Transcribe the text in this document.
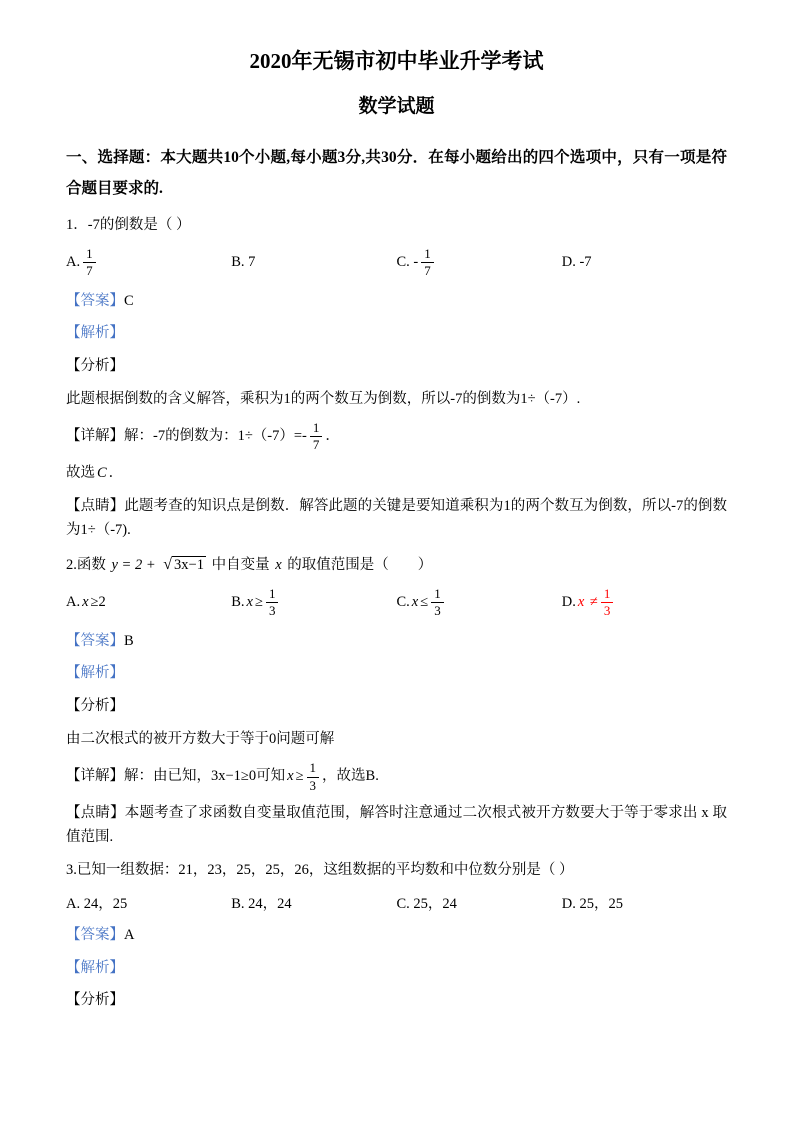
2020年无锡市初中毕业升学考试
数学试题

一、选择题：本大题共10个小题,每小题3分,共30分．在每小题给出的四个选项中，只有一项是符合题目要求的.

1．-7的倒数是（ ）

A. $\frac{1}{7}$	B. 7	C. - $\frac{1}{7}$	D. -7

【答案】C

【解析】

【分析】

此题根据倒数的含义解答，乘积为1的两个数互为倒数，所以-7的倒数为1÷（-7）.

【详解】解：-7的倒数为：$1\div(-7)=- \frac{1}{7}$ ．

故选 C ．

【点睛】此题考查的知识点是倒数．解答此题的关键是要知道乘积为1的两个数互为倒数，所以-7的倒数为1÷（-7).

2.函数 y = 2 + √ 3x−1 中自变量 x 的取值范围是（　　）

A. x ≥2	B. $x \ge \frac{1}{3}$	C. $x \le \frac{1}{3}$	D. $x \ne \frac{1}{3}$

【答案】B

【解析】

【分析】

由二次根式的被开方数大于等于0问题可解

【详解】解：由已知，3x−1≥0可知 $x \ge \frac{1}{3}$ ，故选B.

【点睛】本题考查了求函数自变量取值范围，解答时注意通过二次根式被开方数要大于等于零求出 x 取值范围.

3.已知一组数据：21，23，25，25，26，这组数据的平均数和中位数分别是（ ）

A. 24，25	B. 24，24	C. 25，24	D. 25，25

【答案】A

【解析】

【分析】
